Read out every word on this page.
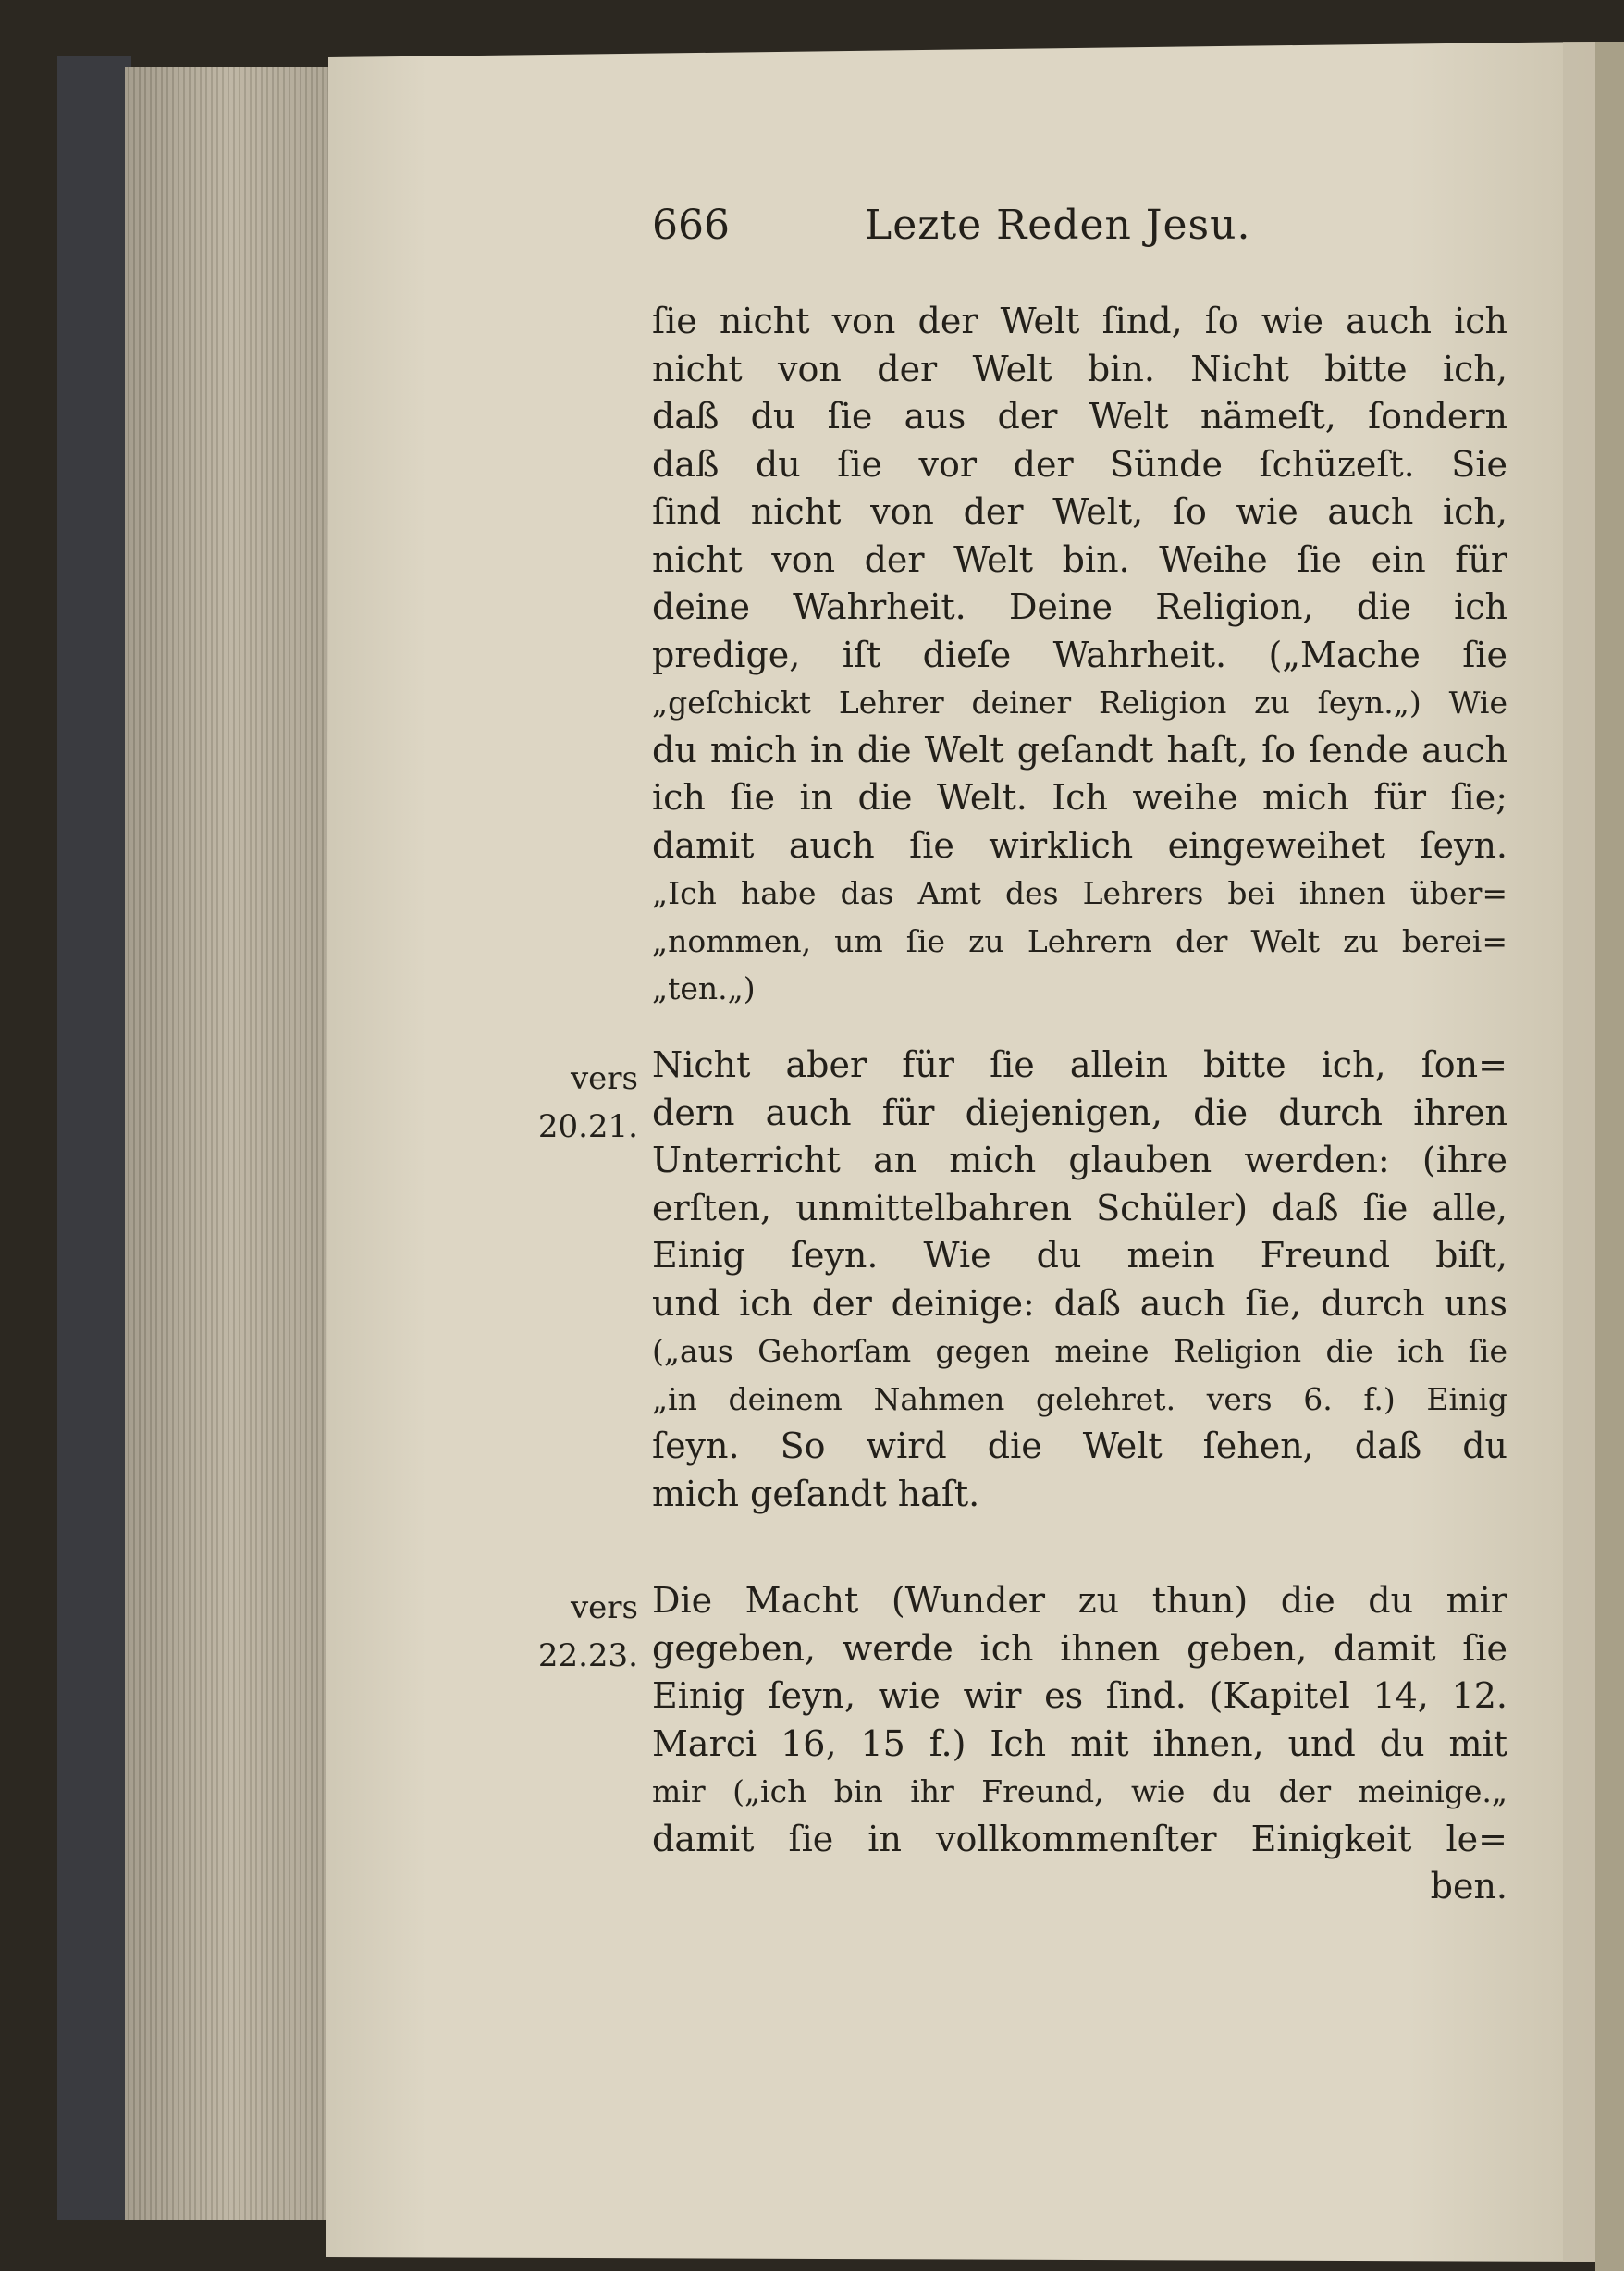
666	Lezte Reden Jesu.

ſie nicht von der Welt ſind, ſo wie auch ich

nicht von der Welt bin. Nicht bitte ich,

daß du ſie aus der Welt nämeſt, ſondern

daß du ſie vor der Sünde ſchüzeſt. Sie

ſind nicht von der Welt, ſo wie auch ich,

nicht von der Welt bin. Weihe ſie ein für

deine Wahrheit. Deine Religion, die ich

predige, iſt dieſe Wahrheit. („Mache ſie

„geſchickt Lehrer deiner Religion zu ſeyn.„) Wie

du mich in die Welt geſandt haſt, ſo ſende auch

ich ſie in die Welt. Ich weihe mich für ſie;

damit auch ſie wirklich eingeweihet ſeyn.

„Ich habe das Amt des Lehrers bei ihnen über=

„nommen, um ſie zu Lehrern der Welt zu berei=

„ten.„)

vers
20.21.

Nicht aber für ſie allein bitte ich, ſon=

dern auch für diejenigen, die durch ihren

Unterricht an mich glauben werden: (ihre

erſten, unmittelbahren Schüler) daß ſie alle,

Einig ſeyn. Wie du mein Freund biſt,

und ich der deinige: daß auch ſie, durch uns

(„aus Gehorſam gegen meine Religion die ich ſie

„in deinem Nahmen gelehret. vers 6. f.) Einig

ſeyn. So wird die Welt ſehen, daß du

mich geſandt haſt.

vers
22.23.

Die Macht (Wunder zu thun) die du mir

gegeben, werde ich ihnen geben, damit ſie

Einig ſeyn, wie wir es ſind. (Kapitel 14, 12.

Marci 16, 15 f.) Ich mit ihnen, und du mit

mir („ich bin ihr Freund, wie du der meinige.„

damit ſie in vollkommenſter Einigkeit le=

ben.
